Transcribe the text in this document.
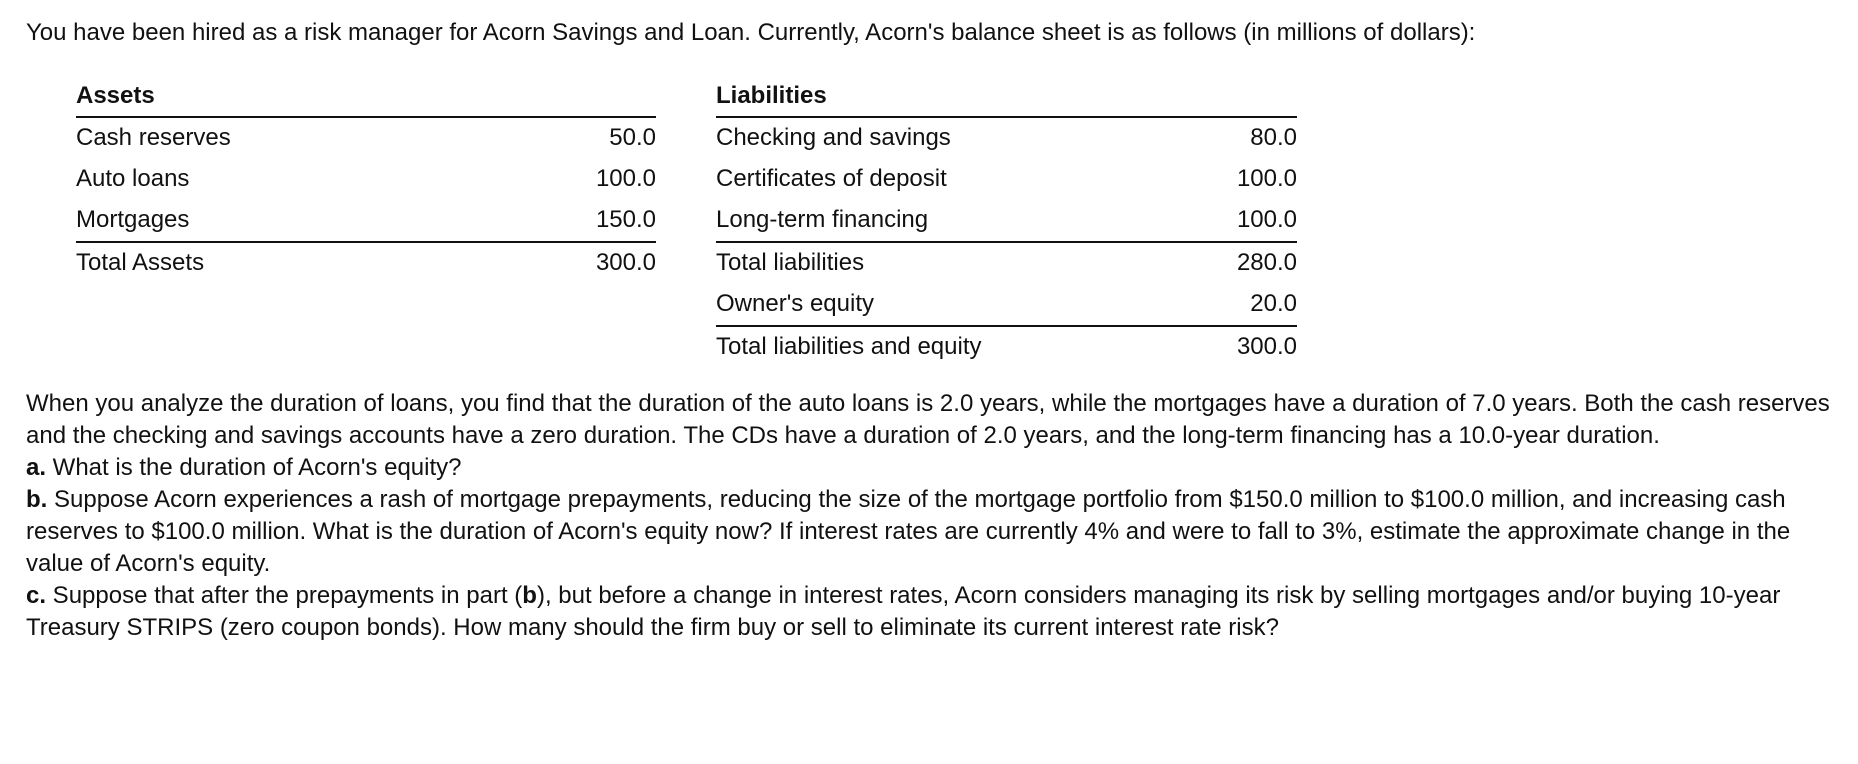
You have been hired as a risk manager for Acorn Savings and Loan. Currently, Acorn's balance sheet is as follows (in millions of dollars):
Assets
Cash reserves	50.0
Auto loans	100.0
Mortgages	150.0
Total Assets	300.0
Liabilities
Checking and savings	80.0
Certificates of deposit	100.0
Long-term financing	100.0
Total liabilities	280.0
Owner's equity	20.0
Total liabilities and equity	300.0

When you analyze the duration of loans, you find that the duration of the auto loans is 2.0 years, while the mortgages have a duration of 7.0 years. Both the cash reserves and the checking and savings accounts have a zero duration. The CDs have a duration of 2.0 years, and the long-term financing has a 10.0-year duration.

a. What is the duration of Acorn's equity?

b. Suppose Acorn experiences a rash of mortgage prepayments, reducing the size of the mortgage portfolio from $150.0 million to $100.0 million, and increasing cash reserves to $100.0 million. What is the duration of Acorn's equity now? If interest rates are currently 4% and were to fall to 3%, estimate the approximate change in the value of Acorn's equity.

c. Suppose that after the prepayments in part (b), but before a change in interest rates, Acorn considers managing its risk by selling mortgages and/or buying 10-year Treasury STRIPS (zero coupon bonds). How many should the firm buy or sell to eliminate its current interest rate risk?
